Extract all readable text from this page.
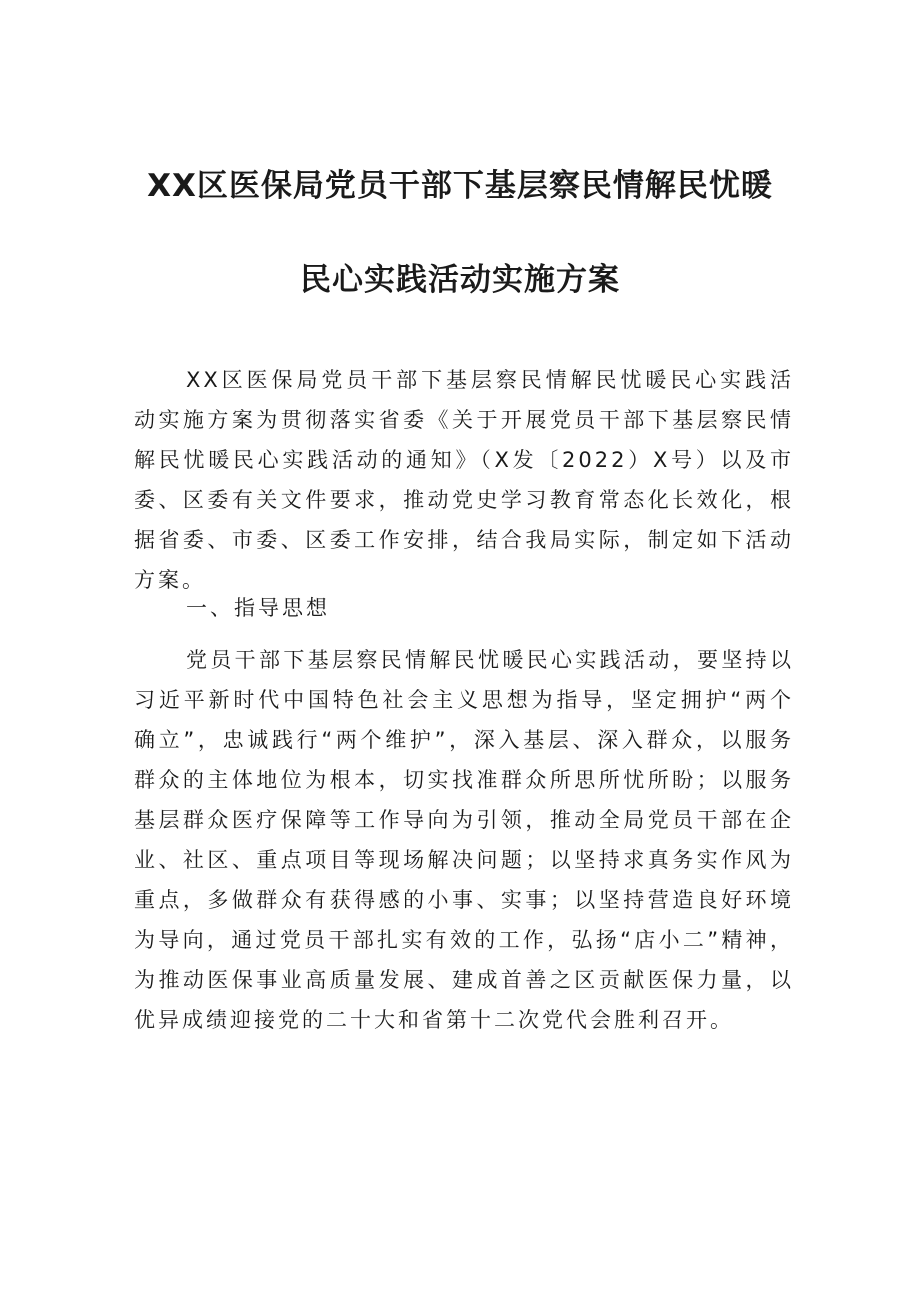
XX区医保局党员干部下基层察民情解民忧暖
民心实践活动实施方案

XX区医保局党员干部下基层察民情解民忧暖民心实践活动实施方案为贯彻落实省委《关于开展党员干部下基层察民情解民忧暖民心实践活动的通知》（X发〔2022）X号）以及市委、区委有关文件要求，推动党史学习教育常态化长效化，根据省委、市委、区委工作安排，结合我局实际，制定如下活动方案。

一、指导思想

党员干部下基层察民情解民忧暖民心实践活动，要坚持以习近平新时代中国特色社会主义思想为指导，坚定拥护“两个确立”，忠诚践行“两个维护”，深入基层、深入群众，以服务群众的主体地位为根本，切实找准群众所思所忧所盼；以服务基层群众医疗保障等工作导向为引领，推动全局党员干部在企业、社区、重点项目等现场解决问题；以坚持求真务实作风为重点，多做群众有获得感的小事、实事；以坚持营造良好环境为导向，通过党员干部扎实有效的工作，弘扬“店小二”精神，为推动医保事业高质量发展、建成首善之区贡献医保力量，以优异成绩迎接党的二十大和省第十二次党代会胜利召开。
